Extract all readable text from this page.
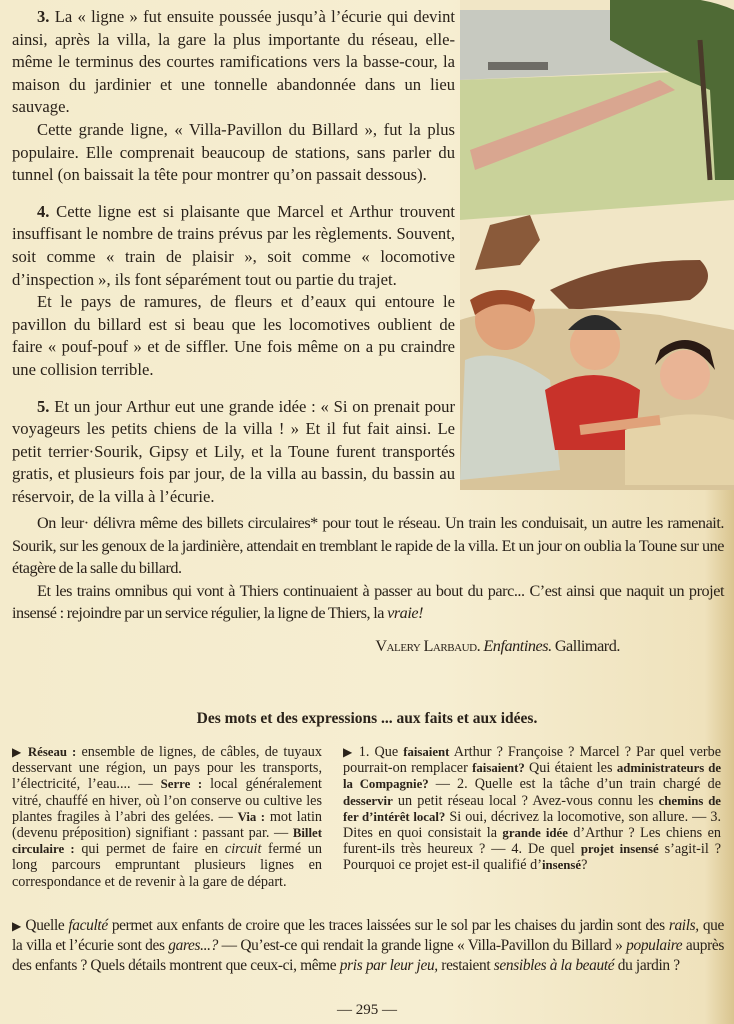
3. La « ligne » fut ensuite poussée jusqu’à l’écurie qui devint ainsi, après la villa, la gare la plus importante du réseau, elle-même le terminus des courtes ramifications vers la basse-cour, la maison du jardinier et une tonnelle abandonnée dans un lieu sauvage.

Cette grande ligne, « Villa-Pavillon du Billard », fut la plus populaire. Elle comprenait beaucoup de stations, sans parler du tunnel (on baissait la tête pour montrer qu’on passait dessous).

4. Cette ligne est si plaisante que Marcel et Arthur trouvent insuffisant le nombre de trains prévus par les règlements. Souvent, soit comme « train de plaisir », soit comme « locomotive d’inspection », ils font séparément tout ou partie du trajet.

Et le pays de ramures, de fleurs et d’eaux qui entoure le pavillon du billard est si beau que les locomotives oublient de faire « pouf-pouf » et de siffler. Une fois même on a pu craindre une collision terrible.

5. Et un jour Arthur eut une grande idée : « Si on prenait pour voyageurs les petits chiens de la villa ! » Et il fut fait ainsi. Le petit terrier·Sourik, Gipsy et Lily, et la Toune furent transportés gratis, et plusieurs fois par jour, de la villa au bassin, du bassin au réservoir, de la villa à l’écurie.

On leur· délivra même des billets circulaires* pour tout le réseau. Un train les conduisait, un autre les ramenait. Sourik, sur les genoux de la jardinière, attendait en tremblant le rapide de la villa. Et un jour on oublia la Toune sur une étagère de la salle du billard.

Et les trains omnibus qui vont à Thiers continuaient à passer au bout du parc... C’est ainsi que naquit un projet insensé : rejoindre par un service régulier, la ligne de Thiers, la vraie!

Valery Larbaud. Enfantines. Gallimard.

Des mots et des expressions ... aux faits et aux idées.

▶ Réseau : ensemble de lignes, de câbles, de tuyaux desservant une région, un pays pour les transports, l’électricité, l’eau.... — Serre : local généralement vitré, chauffé en hiver, où l’on conserve ou cultive les plantes fragiles à l’abri des gelées. — Via : mot latin (devenu préposition) signifiant : passant par. — Billet circulaire : qui permet de faire en circuit fermé un long parcours empruntant plusieurs lignes en correspondance et de revenir à la gare de départ.

▶ 1. Que faisaient Arthur ? Françoise ? Marcel ? Par quel verbe pourrait-on remplacer faisaient? Qui étaient les administrateurs de la Compagnie? — 2. Quelle est la tâche d’un train chargé de desservir un petit réseau local ? Avez-vous connu les chemins de fer d’intérêt local? Si oui, décrivez la locomotive, son allure. — 3. Dites en quoi consistait la grande idée d’Arthur ? Les chiens en furent-ils très heureux ? — 4. De quel projet insensé s’agit-il ? Pourquoi ce projet est-il qualifié d’insensé?

▶ Quelle faculté permet aux enfants de croire que les traces laissées sur le sol par les chaises du jardin sont des rails, que la villa et l’écurie sont des gares...? — Qu’est-ce qui rendait la grande ligne « Villa-Pavillon du Billard » populaire auprès des enfants ? Quels détails montrent que ceux-ci, même pris par leur jeu, restaient sensibles à la beauté du jardin ?

— 295 —
